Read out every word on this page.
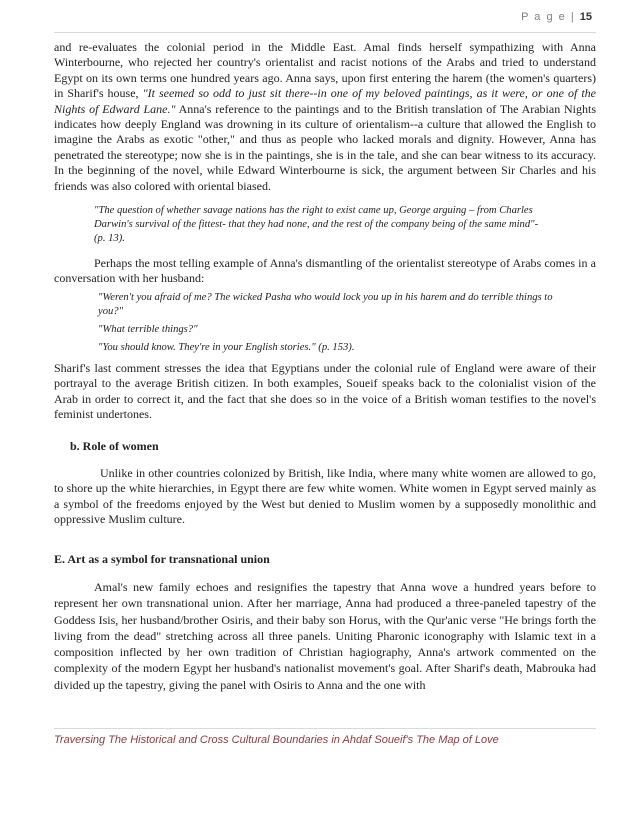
P a g e | 15

and re-evaluates the colonial period in the Middle East. Amal finds herself sympathizing with Anna Winterbourne, who rejected her country's orientalist and racist notions of the Arabs and tried to understand Egypt on its own terms one hundred years ago. Anna says, upon first entering the harem (the women's quarters) in Sharif's house, "It seemed so odd to just sit there--in one of my beloved paintings, as it were, or one of the Nights of Edward Lane." Anna's reference to the paintings and to the British translation of The Arabian Nights indicates how deeply England was drowning in its culture of orientalism--a culture that allowed the English to imagine the Arabs as exotic "other," and thus as people who lacked morals and dignity. However, Anna has penetrated the stereotype; now she is in the paintings, she is in the tale, and she can bear witness to its accuracy. In the beginning of the novel, while Edward Winterbourne is sick, the argument between Sir Charles and his friends was also colored with oriental biased.

"The question of whether savage nations has the right to exist came up, George arguing – from Charles Darwin's survival of the fittest- that they had none, and the rest of the company being of the same mind"- (p. 13).

Perhaps the most telling example of Anna's dismantling of the orientalist stereotype of Arabs comes in a conversation with her husband:

"Weren't you afraid of me? The wicked Pasha who would lock you up in his harem and do terrible things to you?"

"What terrible things?"

"You should know. They're in your English stories." (p. 153).

Sharif's last comment stresses the idea that Egyptians under the colonial rule of England were aware of their portrayal to the average British citizen. In both examples, Soueif speaks back to the colonialist vision of the Arab in order to correct it, and the fact that she does so in the voice of a British woman testifies to the novel's feminist undertones.

b. Role of women

Unlike in other countries colonized by British, like India, where many white women are allowed to go, to shore up the white hierarchies, in Egypt there are few white women. White women in Egypt served mainly as a symbol of the freedoms enjoyed by the West but denied to Muslim women by a supposedly monolithic and oppressive Muslim culture.

E. Art as a symbol for transnational union

Amal's new family echoes and resignifies the tapestry that Anna wove a hundred years before to represent her own transnational union. After her marriage, Anna had produced a three-paneled tapestry of the Goddess Isis, her husband/brother Osiris, and their baby son Horus, with the Qur'anic verse "He brings forth the living from the dead" stretching across all three panels. Uniting Pharonic iconography with Islamic text in a composition inflected by her own tradition of Christian hagiography, Anna's artwork commented on the complexity of the modern Egypt her husband's nationalist movement's goal. After Sharif's death, Mabrouka had divided up the tapestry, giving the panel with Osiris to Anna and the one with

Traversing The Historical and Cross Cultural Boundaries in Ahdaf Soueif's The Map of Love
